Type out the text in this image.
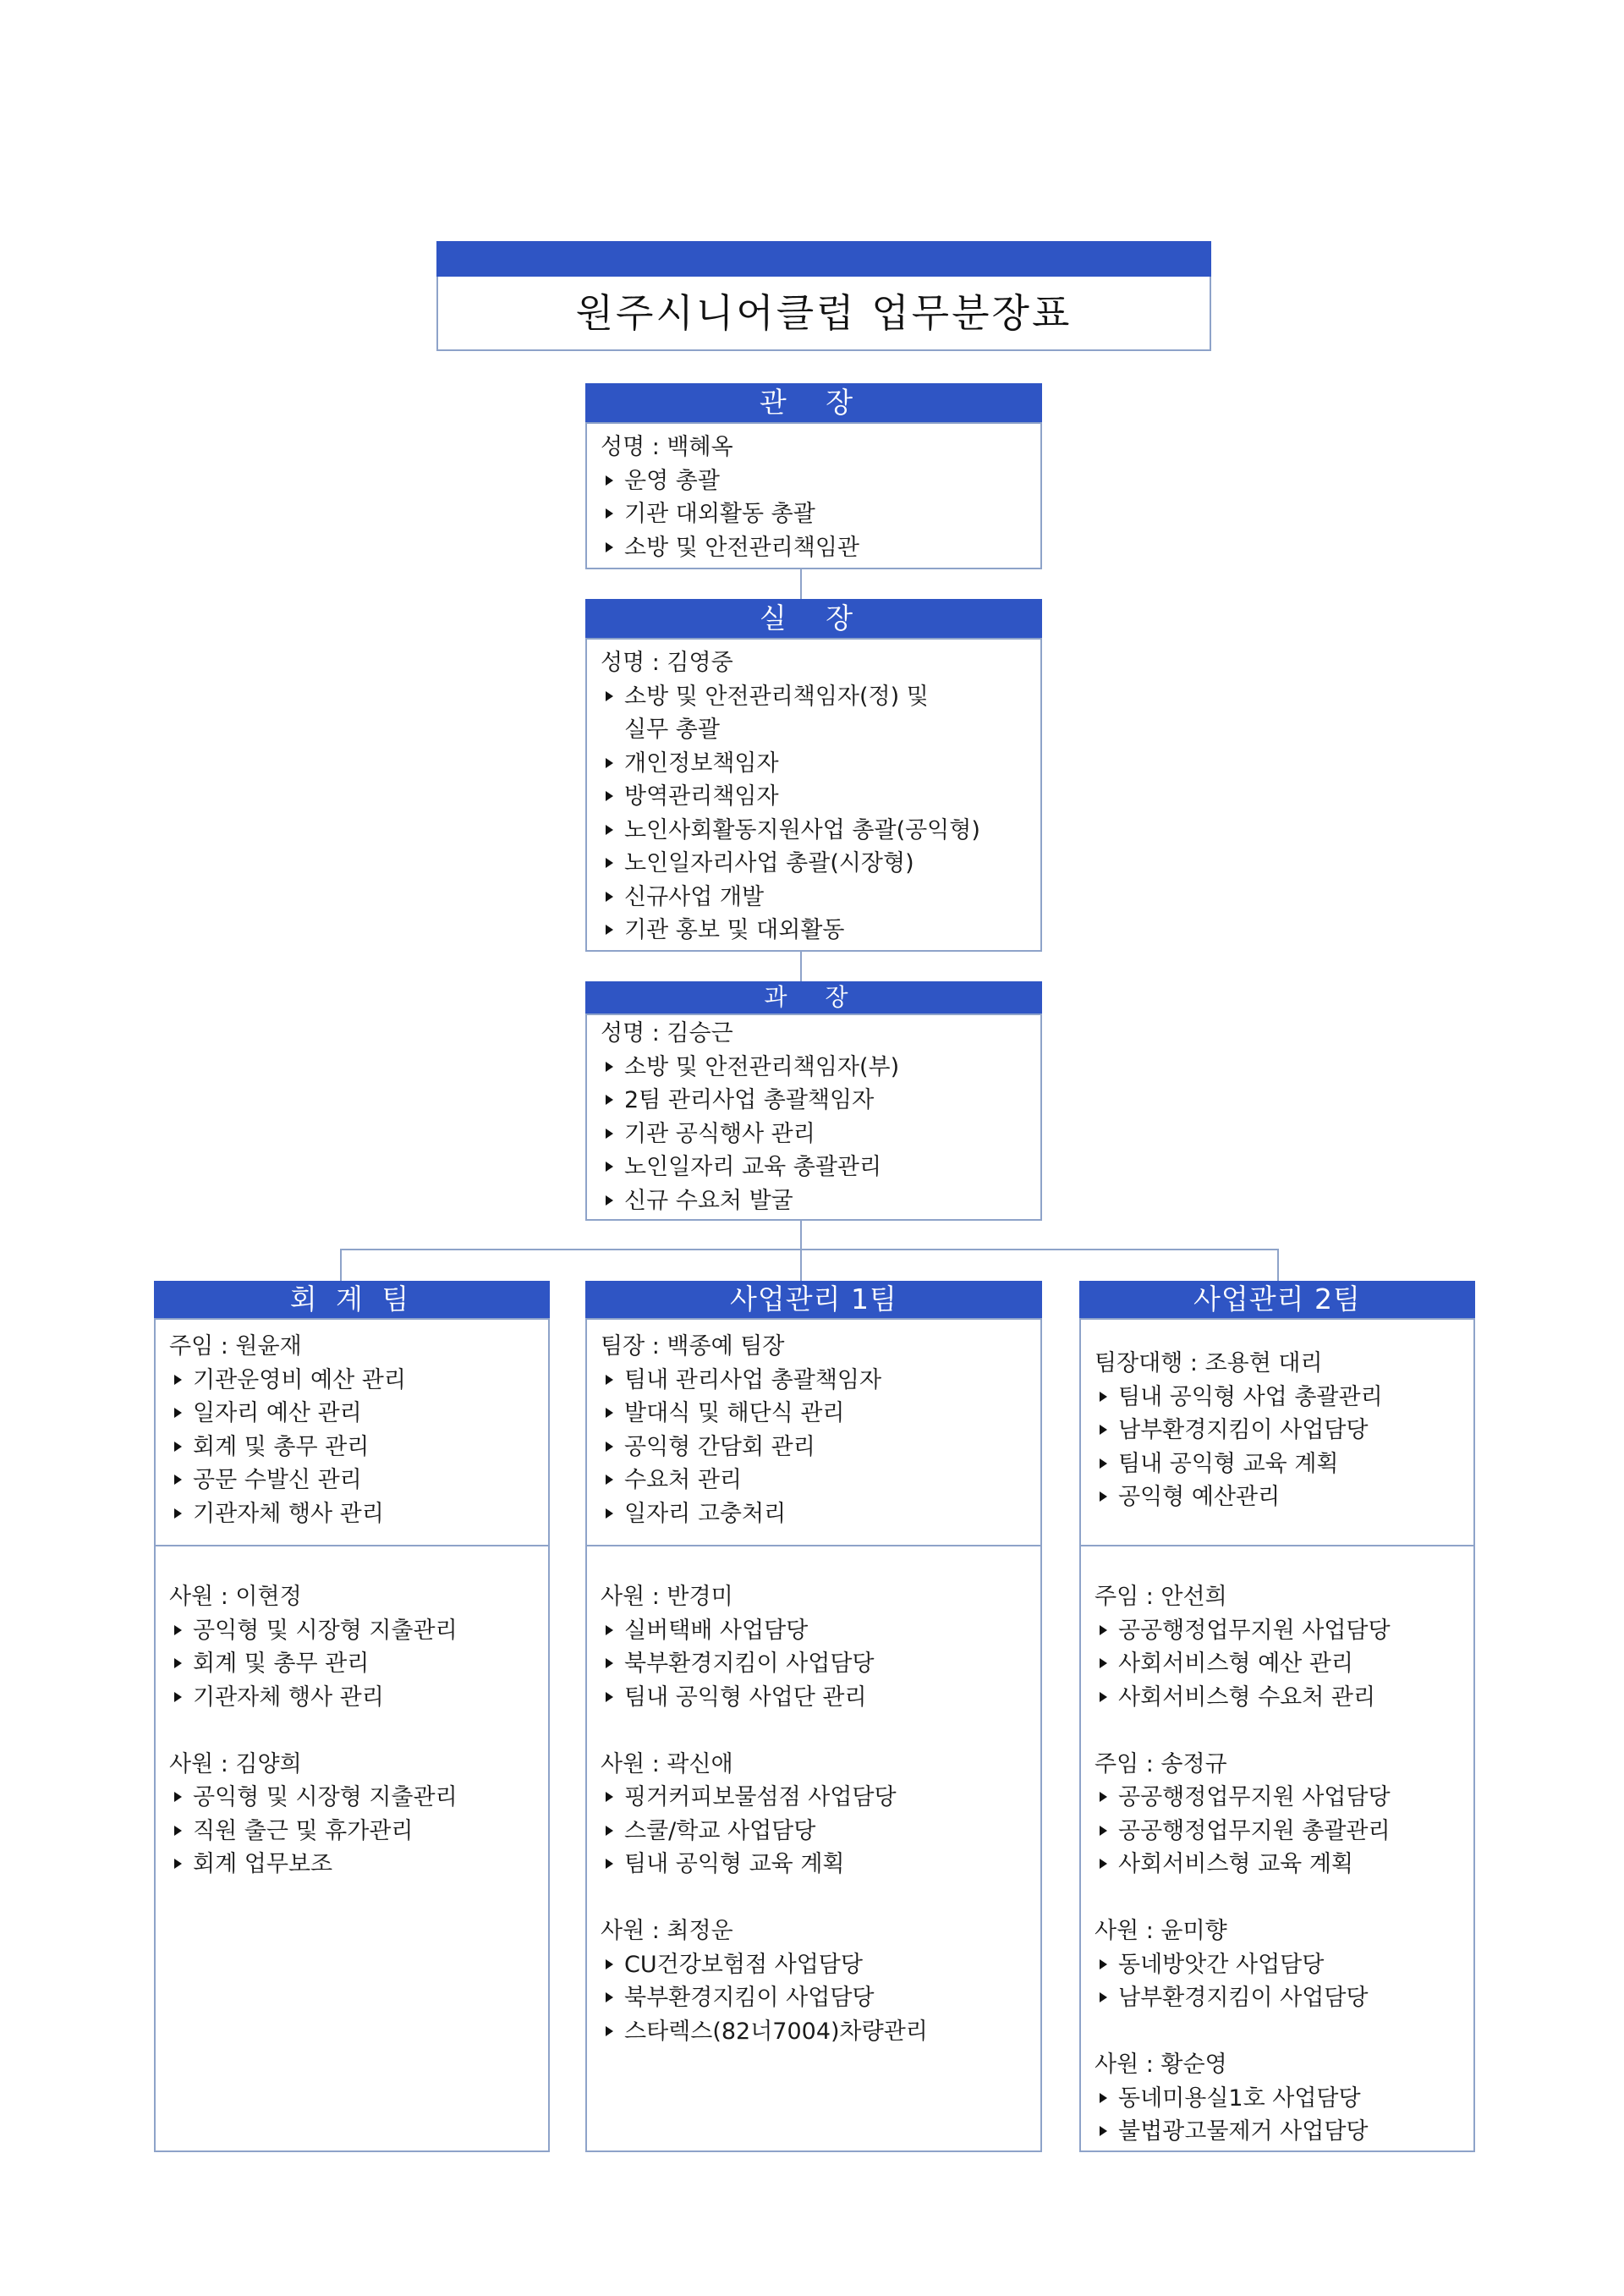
원주시니어클럽 업무분장표
관 장
성명 : 백혜옥
운영 총괄
기관 대외활동 총괄
소방 및 안전관리책임관
실 장
성명 : 김영중
소방 및 안전관리책임자(정) 및
실무 총괄
개인정보책임자
방역관리책임자
노인사회활동지원사업 총괄(공익형)
노인일자리사업 총괄(시장형)
신규사업 개발
기관 홍보 및 대외활동
과 장
성명 : 김승근
소방 및 안전관리책임자(부)
2팀 관리사업 총괄책임자
기관 공식행사 관리
노인일자리 교육 총괄관리
신규 수요처 발굴
회 계 팀
주임 : 원윤재
기관운영비 예산 관리
일자리 예산 관리
회계 및 총무 관리
공문 수발신 관리
기관자체 행사 관리
사원 : 이현정
공익형 및 시장형 지출관리
회계 및 총무 관리
기관자체 행사 관리
사원 : 김양희
공익형 및 시장형 지출관리
직원 출근 및 휴가관리
회계 업무보조
사업관리 1팀
팀장 : 백종예 팀장
팀내 관리사업 총괄책임자
발대식 및 해단식 관리
공익형 간담회 관리
수요처 관리
일자리 고충처리
사원 : 반경미
실버택배 사업담당
북부환경지킴이 사업담당
팀내 공익형 사업단 관리
사원 : 곽신애
핑거커피보물섬점 사업담당
스쿨/학교 사업담당
팀내 공익형 교육 계획
사원 : 최정운
CU건강보험점 사업담당
북부환경지킴이 사업담당
스타렉스(82너7004)차량관리
사업관리 2팀
팀장대행 : 조용현 대리
팀내 공익형 사업 총괄관리
남부환경지킴이 사업담당
팀내 공익형 교육 계획
공익형 예산관리
주임 : 안선희
공공행정업무지원 사업담당
사회서비스형 예산 관리
사회서비스형 수요처 관리
주임 : 송정규
공공행정업무지원 사업담당
공공행정업무지원 총괄관리
사회서비스형 교육 계획
사원 : 윤미향
동네방앗간 사업담당
남부환경지킴이 사업담당
사원 : 황순영
동네미용실1호 사업담당
불법광고물제거 사업담당
